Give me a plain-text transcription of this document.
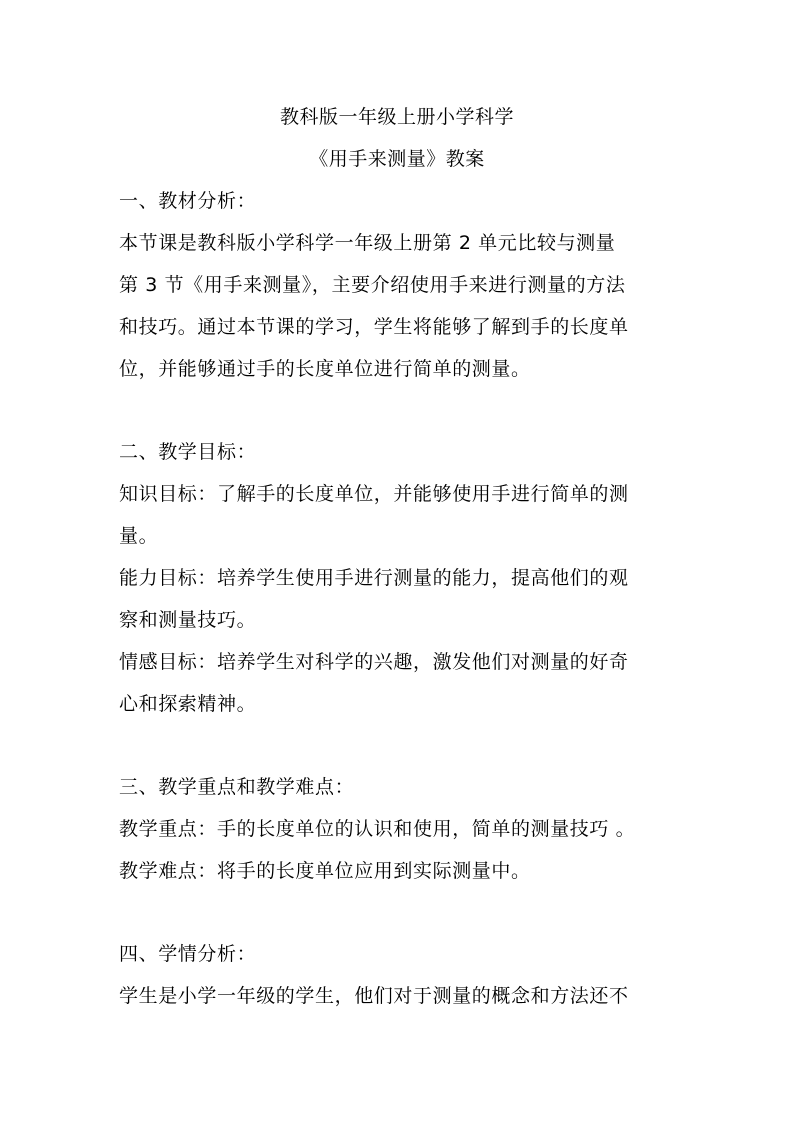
教科版一年级上册小学科学
《用手来测量》教案
一、教材分析：
本节课是教科版小学科学一年级上册第 2 单元比较与测量
第 3 节《用手来测量》，主要介绍使用手来进行测量的方法
和技巧。通过本节课的学习，学生将能够了解到手的长度单
位，并能够通过手的长度单位进行简单的测量。
二、教学目标：
知识目标：了解手的长度单位，并能够使用手进行简单的测
量。
能力目标：培养学生使用手进行测量的能力，提高他们的观
察和测量技巧。
情感目标：培养学生对科学的兴趣，激发他们对测量的好奇
心和探索精神。
三、教学重点和教学难点：
教学重点：手的长度单位的认识和使用，简单的测量技巧 。
教学难点：将手的长度单位应用到实际测量中。
四、学情分析：
学生是小学一年级的学生，他们对于测量的概念和方法还不
